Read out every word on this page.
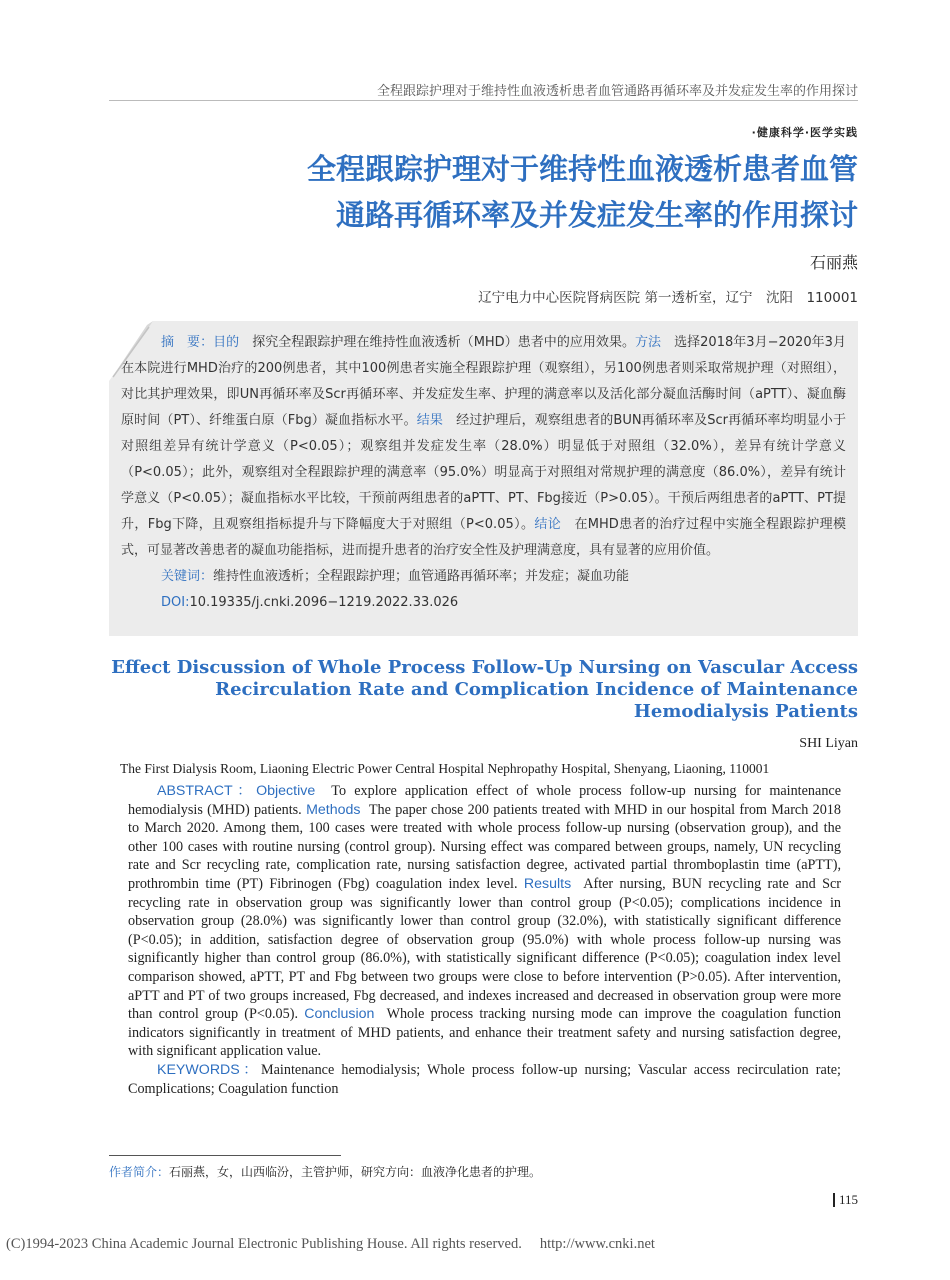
全程跟踪护理对于维持性血液透析患者血管通路再循环率及并发症发生率的作用探讨
·健康科学·医学实践
全程跟踪护理对于维持性血液透析患者血管
通路再循环率及并发症发生率的作用探讨
石丽燕
辽宁电力中心医院肾病医院 第一透析室，辽宁　沈阳　110001
摘　要：目的　 探究全程跟踪护理在维持性血液透析（MHD）患者中的应用效果。方法　 选择2018年3月−2020年3月在本院进行MHD治疗的200例患者，其中100例患者实施全程跟踪护理（观察组），另100例患者则采取常规护理（对照组），对比其护理效果，即UN再循环率及Scr再循环率、并发症发生率、护理的满意率以及活化部分凝血活酶时间（aPTT）、凝血酶原时间（PT）、纤维蛋白原（Fbg）凝血指标水平。结果　 经过护理后，观察组患者的BUN再循环率及Scr再循环率均明显小于对照组差异有统计学意义（P<0.05）；观察组并发症发生率（28.0%）明显低于对照组（32.0%），差异有统计学意义（P<0.05）；此外，观察组对全程跟踪护理的满意率（95.0%）明显高于对照组对常规护理的满意度（86.0%），差异有统计学意义（P<0.05）；凝血指标水平比较，干预前两组患者的aPTT、PT、Fbg接近（P>0.05）。干预后两组患者的aPTT、PT提升，Fbg下降，且观察组指标提升与下降幅度大于对照组（P<0.05）。结论　 在MHD患者的治疗过程中实施全程跟踪护理模式，可显著改善患者的凝血功能指标，进而提升患者的治疗安全性及护理满意度，具有显著的应用价值。
关键词：维持性血液透析；全程跟踪护理；血管通路再循环率；并发症；凝血功能
DOI:10.19335/j.cnki.2096−1219.2022.33.026
Effect Discussion of Whole Process Follow-Up Nursing on Vascular Access
Recirculation Rate and Complication Incidence of Maintenance
Hemodialysis Patients
SHI Liyan
The First Dialysis Room, Liaoning Electric Power Central Hospital Nephropathy Hospital, Shenyang, Liaoning, 110001

ABSTRACT：Objective To explore application effect of whole process follow-up nursing for maintenance hemodialysis (MHD) patients. Methods The paper chose 200 patients treated with MHD in our hospital from March 2018 to March 2020. Among them, 100 cases were treated with whole process follow-up nursing (observation group), and the other 100 cases with routine nursing (control group). Nursing effect was compared between groups, namely, UN recycling rate and Scr recycling rate, complication rate, nursing satisfaction degree, activated partial thromboplastin time (aPTT), prothrombin time (PT) Fibrinogen (Fbg) coagulation index level. Results After nursing, BUN recycling rate and Scr recycling rate in observation group was significantly lower than control group (P<0.05); complications incidence in observation group (28.0%) was significantly lower than control group (32.0%), with statistically significant difference (P<0.05); in addition, satisfaction degree of observation group (95.0%) with whole process follow-up nursing was significantly higher than control group (86.0%), with statistically significant difference (P<0.05); coagulation index level comparison showed, aPTT, PT and Fbg between two groups were close to before intervention (P>0.05). After intervention, aPTT and PT of two groups increased, Fbg decreased, and indexes increased and decreased in observation group were more than control group (P<0.05). Conclusion Whole process tracking nursing mode can improve the coagulation function indicators significantly in treatment of MHD patients, and enhance their treatment safety and nursing satisfaction degree, with significant application value.

KEYWORDS：Maintenance hemodialysis; Whole process follow-up nursing; Vascular access recirculation rate; Complications; Coagulation function

作者简介：石丽燕，女，山西临汾，主管护师，研究方向：血液净化患者的护理。
115
(C)1994-2023 China Academic Journal Electronic Publishing House. All rights reserved. http://www.cnki.net
